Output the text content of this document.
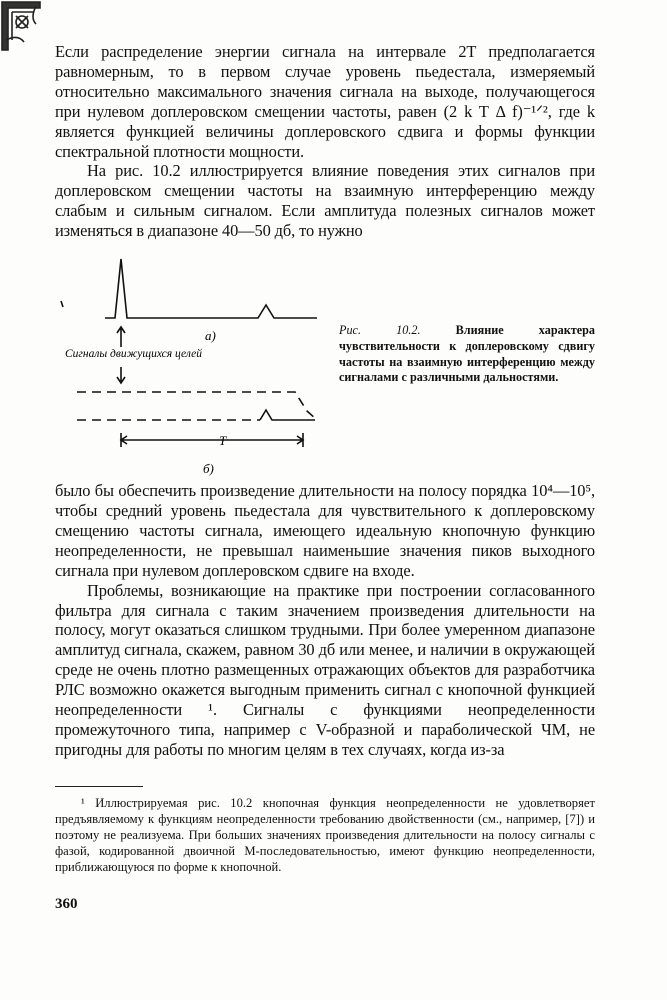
Если распределение энергии сигнала на интервале 2T предполагается равномерным, то в первом случае уровень пьедестала, измеряемый относительно максимального значения сигнала на выходе, получающегося при нулевом доплеровском смещении частоты, равен (2 k T Δ f)⁻¹ᐟ², где k является функцией величины доплеровского сдвига и формы функции спектральной плотности мощности.

На рис. 10.2 иллюстрируется влияние поведения этих сигналов при доплеровском смещении частоты на взаимную интерференцию между слабым и сильным сигналом. Если амплитуда полезных сигналов может изменяться в диапазоне 40—50 дб, то нужно

а)
Сигналы движущихся целей
T
б)
Рис. 10.2.	Влияние характера чувствительности к доплеровскому сдвигу частоты на взаимную интерференцию между сигналами с различными дальностями.

было бы обеспечить произведение длительности на полосу порядка 10⁴—10⁵, чтобы средний уровень пьедестала для чувствительного к доплеровскому смещению частоты сигнала, имеющего идеальную кнопочную функцию неопределенности, не превышал наименьшие значения пиков выходного сигнала при нулевом доплеровском сдвиге на входе.

Проблемы, возникающие на практике при построении согласованного фильтра для сигнала с таким значением произведения длительности на полосу, могут оказаться слишком трудными. При более умеренном диапазоне амплитуд сигнала, скажем, равном 30 дб или менее, и наличии в окружающей среде не очень плотно размещенных отражающих объектов для разработчика РЛС возможно окажется выгодным применить сигнал с кнопочной функцией неопределенности ¹. Сигналы с функциями неопределенности промежуточного типа, например с V-образной и параболической ЧМ, не пригодны для работы по многим целям в тех случаях, когда из-за

¹ Иллюстрируемая рис. 10.2 кнопочная функция неопределенности не удовлетворяет предъявляемому к функциям неопределенности требованию двойственности (см., например, [7]) и поэтому не реализуема. При больших значениях произведения длительности на полосу сигналы с фазой, кодированной двоичной M-последовательностью, имеют функцию неопределенности, приближающуюся по форме к кнопочной.

360
